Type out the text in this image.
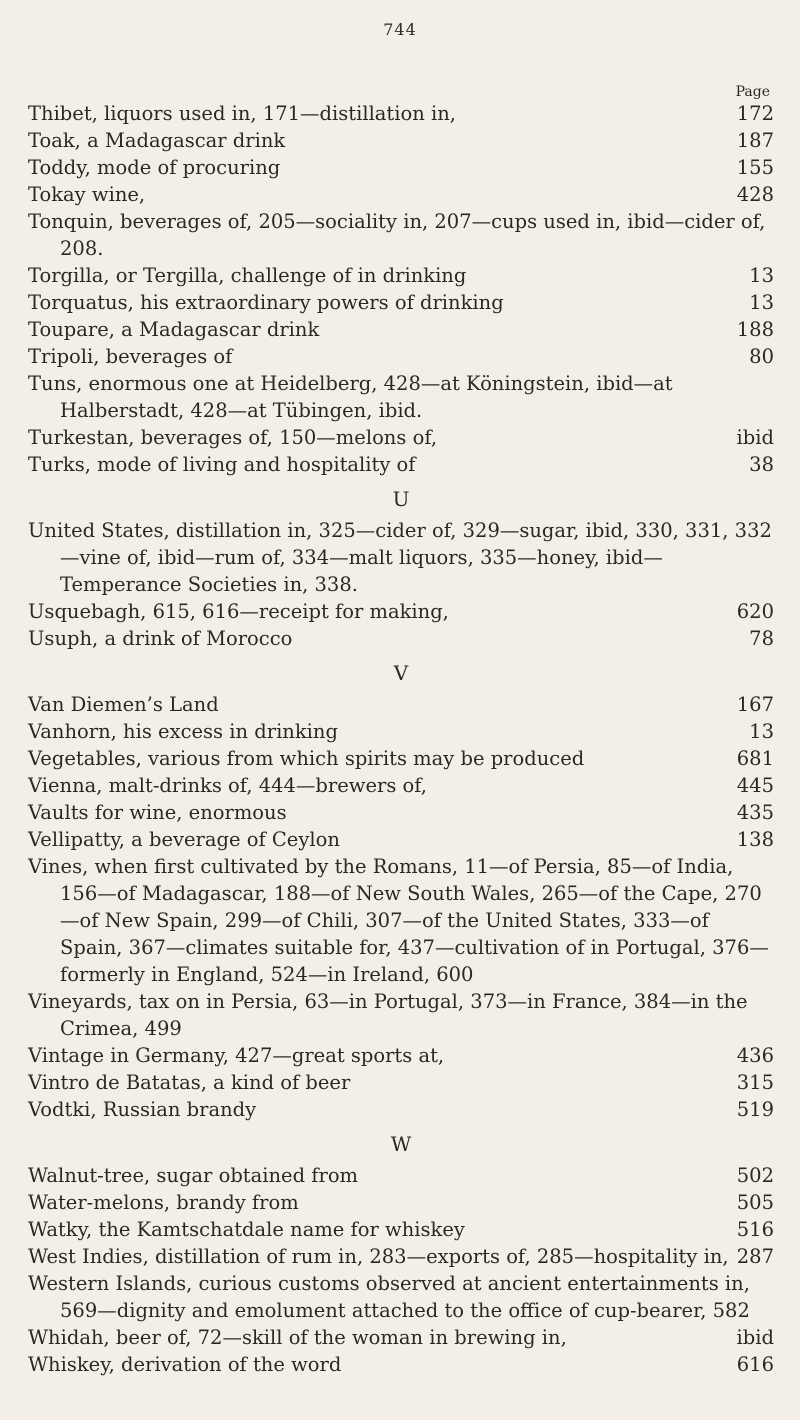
744
Page
Thibet, liquors used in, 171—distillation in,	172
Toak, a Madagascar drink	187
Toddy, mode of procuring	155
Tokay wine,	428
Tonquin, beverages of, 205—sociality in, 207—cups used in, ibid—cider of, 208.
Torgilla, or Tergilla, challenge of in drinking	13
Torquatus, his extraordinary powers of drinking	13
Toupare, a Madagascar drink	188
Tripoli, beverages of	80
Tuns, enormous one at Heidelberg, 428—at Köningstein, ibid—at Halberstadt, 428—at Tübingen, ibid.
Turkestan, beverages of, 150—melons of,	ibid
Turks, mode of living and hospitality of	38
U
United States, distillation in, 325—cider of, 329—sugar, ibid, 330, 331, 332—vine of, ibid—rum of, 334—malt liquors, 335—honey, ibid—Temperance Societies in, 338.
Usquebagh, 615, 616—receipt for making,	620
Usuph, a drink of Morocco	78
V
Van Diemen’s Land	167
Vanhorn, his excess in drinking	13
Vegetables, various from which spirits may be produced	681
Vienna, malt-drinks of, 444—brewers of,	445
Vaults for wine, enormous	435
Vellipatty, a beverage of Ceylon	138
Vines, when first cultivated by the Romans, 11—of Persia, 85—of India, 156—of Madagascar, 188—of New South Wales, 265—of the Cape, 270—of New Spain, 299—of Chili, 307—of the United States, 333—of Spain, 367—climates suitable for, 437—cultivation of in Portugal, 376—formerly in England, 524—in Ireland, 600
Vineyards, tax on in Persia, 63—in Portugal, 373—in France, 384—in the Crimea, 499
Vintage in Germany, 427—great sports at,	436
Vintro de Batatas, a kind of beer	315
Vodtki, Russian brandy	519
W
Walnut-tree, sugar obtained from	502
Water-melons, brandy from	505
Watky, the Kamtschatdale name for whiskey	516
West Indies, distillation of rum in, 283—exports of, 285—hospitality in, 287
Western Islands, curious customs observed at ancient entertainments in, 569—dignity and emolument attached to the office of cup-bearer, 582
Whidah, beer of, 72—skill of the woman in brewing in,	ibid
Whiskey, derivation of the word	616
